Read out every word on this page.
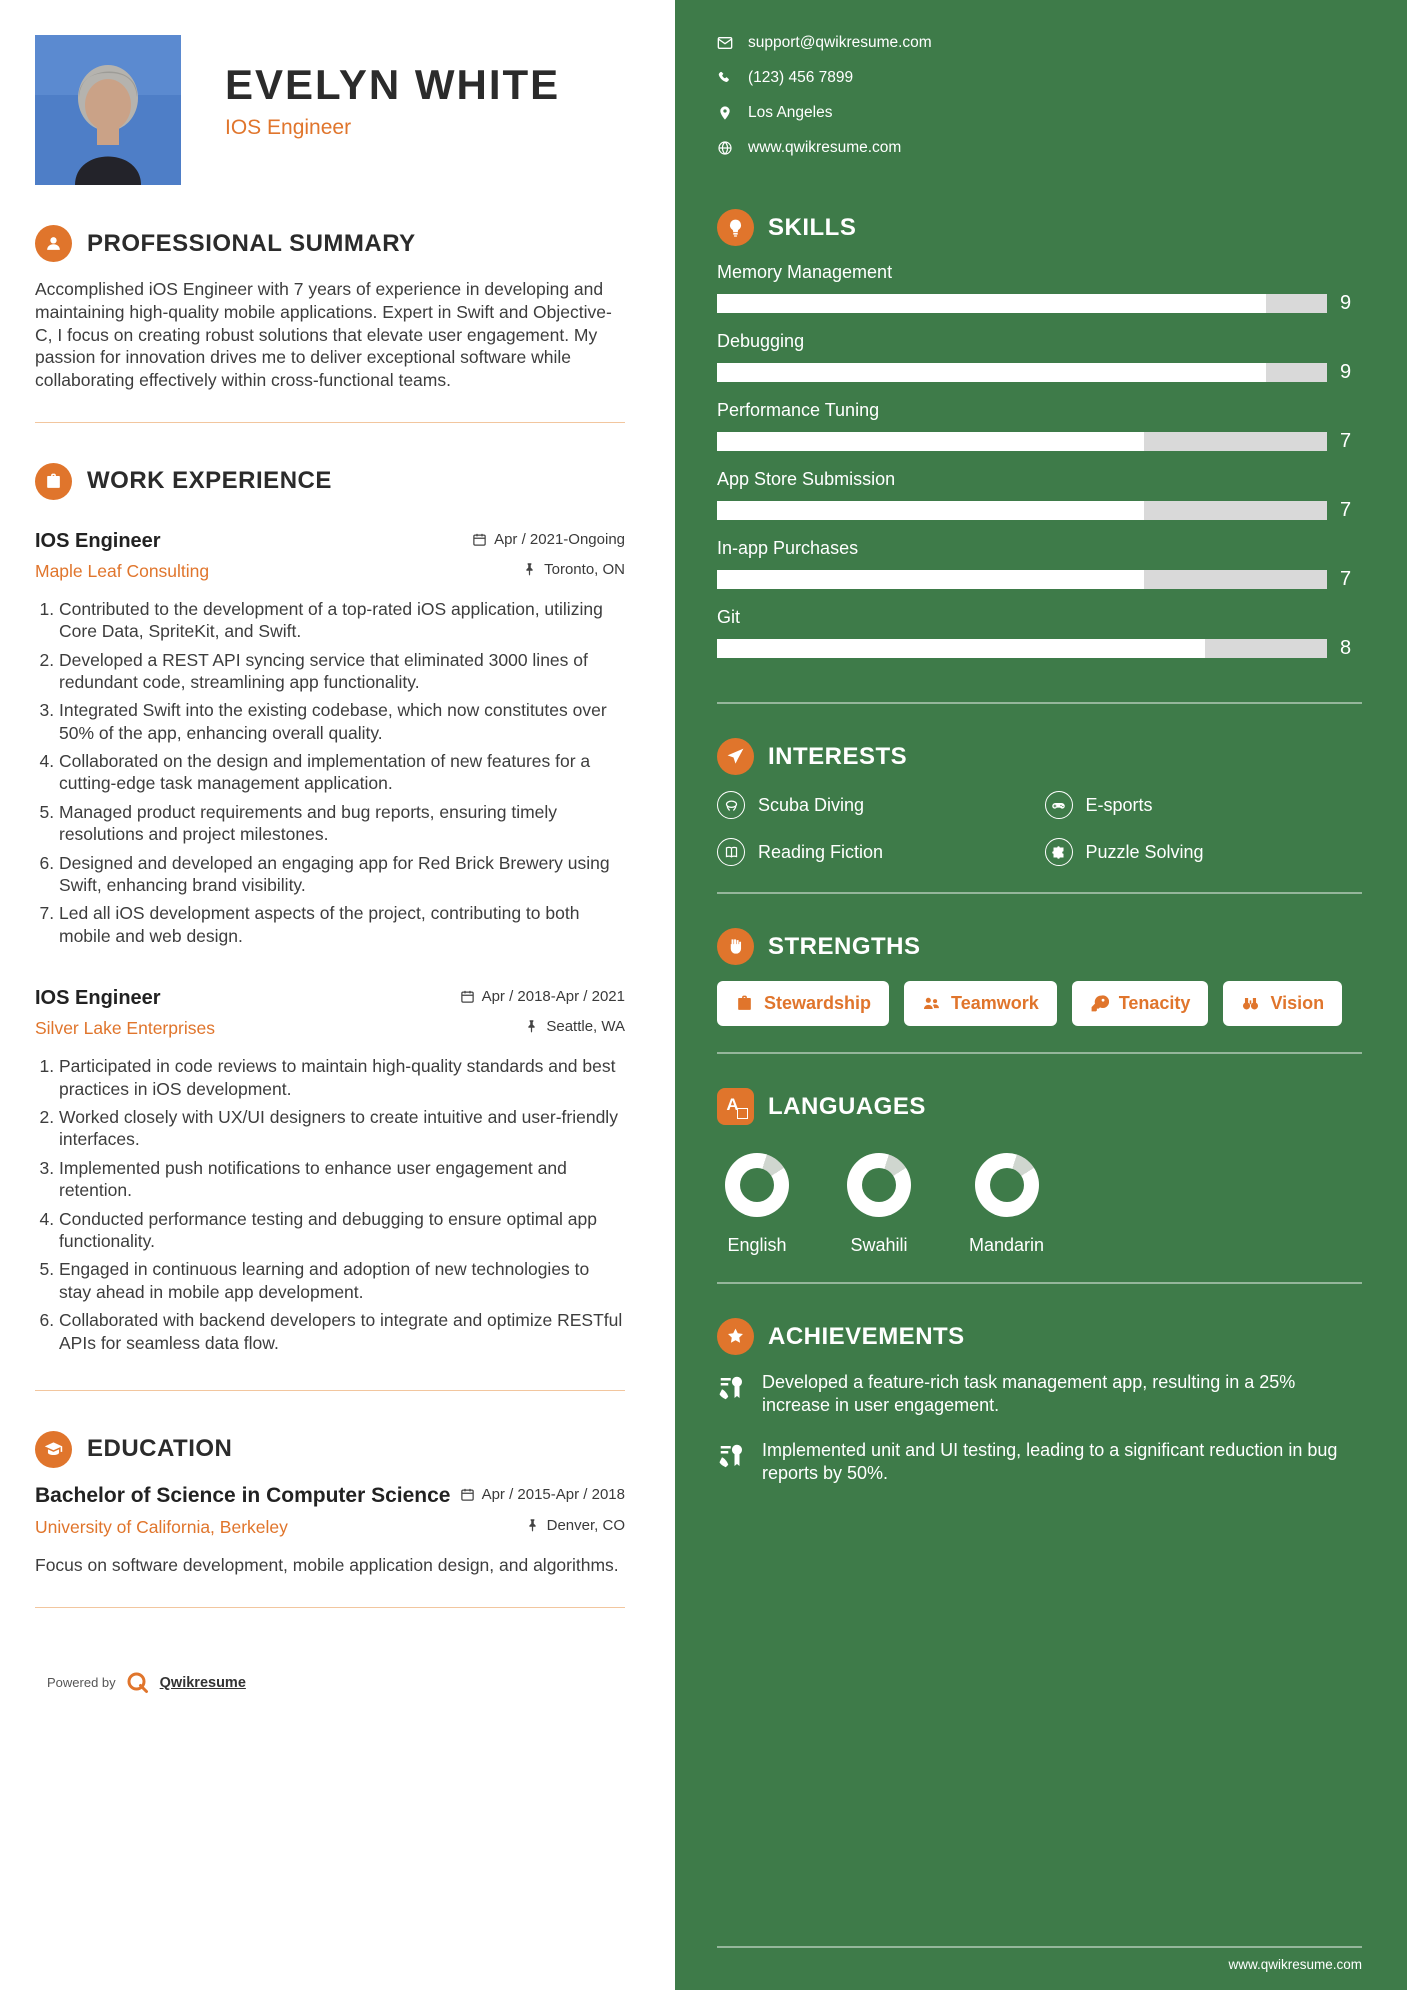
EVELYN WHITE
IOS Engineer
PROFESSIONAL SUMMARY

Accomplished iOS Engineer with 7 years of experience in developing and maintaining high-quality mobile applications. Expert in Swift and Objective-C, I focus on creating robust solutions that elevate user engagement. My passion for innovation drives me to deliver exceptional software while collaborating effectively within cross-functional teams.

WORK EXPERIENCE
IOS Engineer	Apr / 2021-Ongoing
Maple Leaf Consulting	Toronto, ON
1. Contributed to the development of a top-rated iOS application, utilizing Core Data, SpriteKit, and Swift.
2. Developed a REST API syncing service that eliminated 3000 lines of redundant code, streamlining app functionality.
3. Integrated Swift into the existing codebase, which now constitutes over 50% of the app, enhancing overall quality.
4. Collaborated on the design and implementation of new features for a cutting-edge task management application.
5. Managed product requirements and bug reports, ensuring timely resolutions and project milestones.
6. Designed and developed an engaging app for Red Brick Brewery using Swift, enhancing brand visibility.
7. Led all iOS development aspects of the project, contributing to both mobile and web design.
IOS Engineer	Apr / 2018-Apr / 2021
Silver Lake Enterprises	Seattle, WA
1. Participated in code reviews to maintain high-quality standards and best practices in iOS development.
2. Worked closely with UX/UI designers to create intuitive and user-friendly interfaces.
3. Implemented push notifications to enhance user engagement and retention.
4. Conducted performance testing and debugging to ensure optimal app functionality.
5. Engaged in continuous learning and adoption of new technologies to stay ahead in mobile app development.
6. Collaborated with backend developers to integrate and optimize RESTful APIs for seamless data flow.
EDUCATION
Bachelor of Science in Computer Science Apr / 2015-Apr / 2018
University of California, Berkeley	Denver, CO

Focus on software development, mobile application design, and algorithms.

Powered by	Qwikresume
support@qwikresume.com
(123) 456 7899
Los Angeles
www.qwikresume.com
SKILLS
Memory Management
9
Debugging
9
Performance Tuning
7
App Store Submission
7
In-app Purchases
7
Git
8
INTERESTS
Scuba Diving	E-sports
Reading Fiction	Puzzle Solving
STRENGTHS
Stewardship	Teamwork	Tenacity	Vision
A LANGUAGES
English	Swahili	Mandarin
ACHIEVEMENTS
Developed a feature-rich task management app, resulting in a 25% increase in user engagement.
Implemented unit and UI testing, leading to a significant reduction in bug reports by 50%.
www.qwikresume.com
